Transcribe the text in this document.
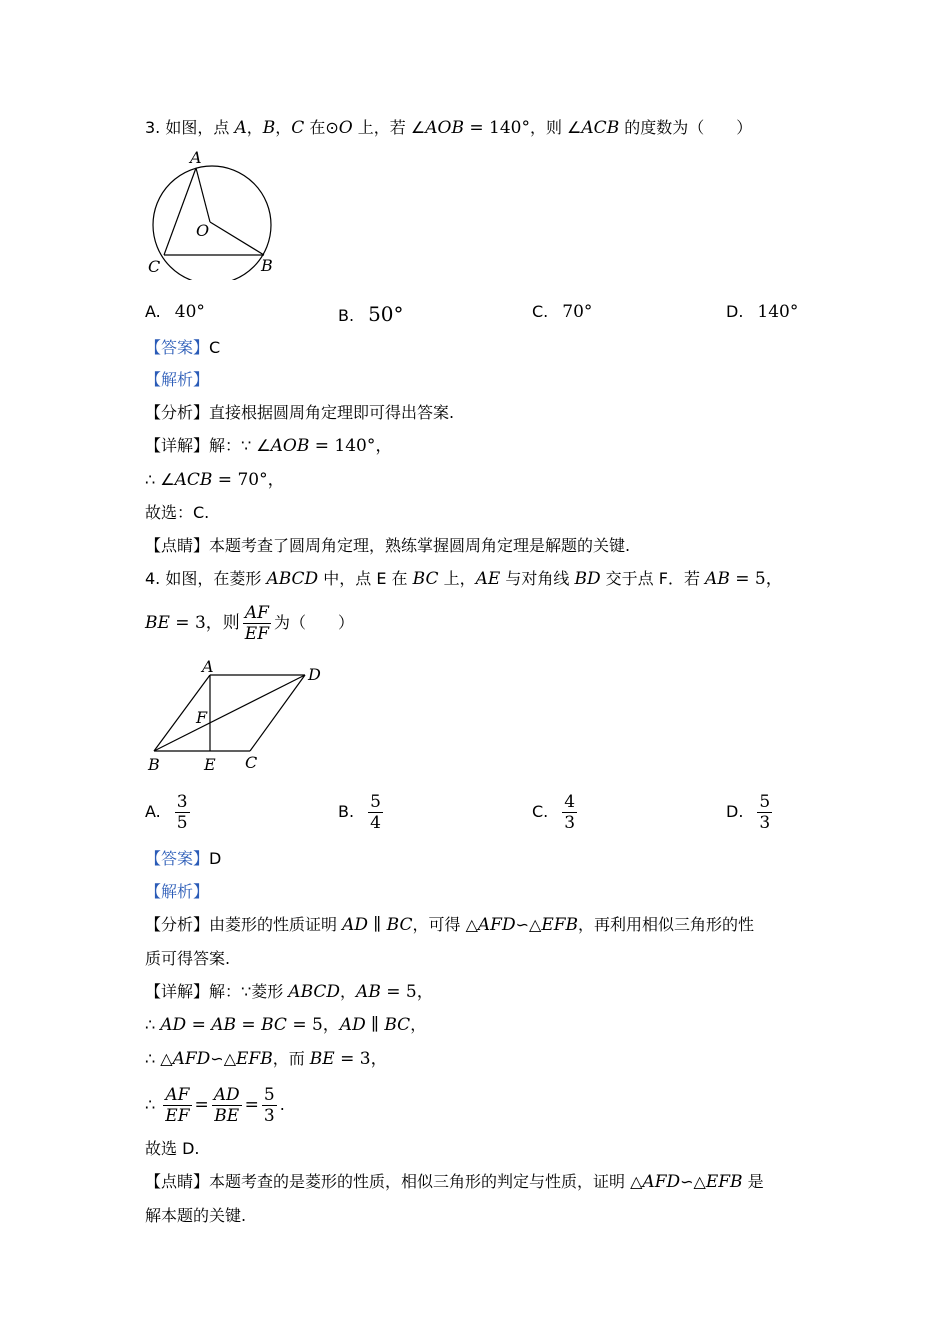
3. 如图，点 A，B，C 在⊙O 上，若 ∠AOB = 140°，则 ∠ACB 的度数为（　　）
A
O
C	B
A. 40°	B. 50°	C. 70°	D. 140°
【答案】C
【解析】
【分析】直接根据圆周角定理即可得出答案.
【详解】解：∵ ∠AOB = 140°，
∴ ∠ACB = 70°，
故选：C.
【点睛】本题考查了圆周角定理，熟练掌握圆周角定理是解题的关键.
4. 如图，在菱形 ABCD 中，点 E 在 BC 上，AE 与对角线 BD 交于点 F．若 AB = 5，
BE = 3，则 $\frac{AF}{EF}$ 为（　　）
A	D
F
B	E C
A. $\frac{3}{5}$	B. $\frac{5}{4}$	C. $\frac{4}{3}$	D. $\frac{5}{3}$
【答案】D
【解析】
【分析】由菱形的性质证明 AD ∥ BC，可得 △AFD∽△EFB，再利用相似三角形的性
质可得答案.
【详解】解：∵菱形 ABCD，AB = 5，
∴ AD = AB = BC = 5，AD ∥ BC，
∴ △AFD∽△EFB，而 BE = 3，
∴ $\frac{AF}{EF} = \frac{AD}{BE} = \frac{5}{3}$ .
故选 D.
【点睛】本题考查的是菱形的性质，相似三角形的判定与性质，证明 △AFD∽△EFB 是
解本题的关键.
